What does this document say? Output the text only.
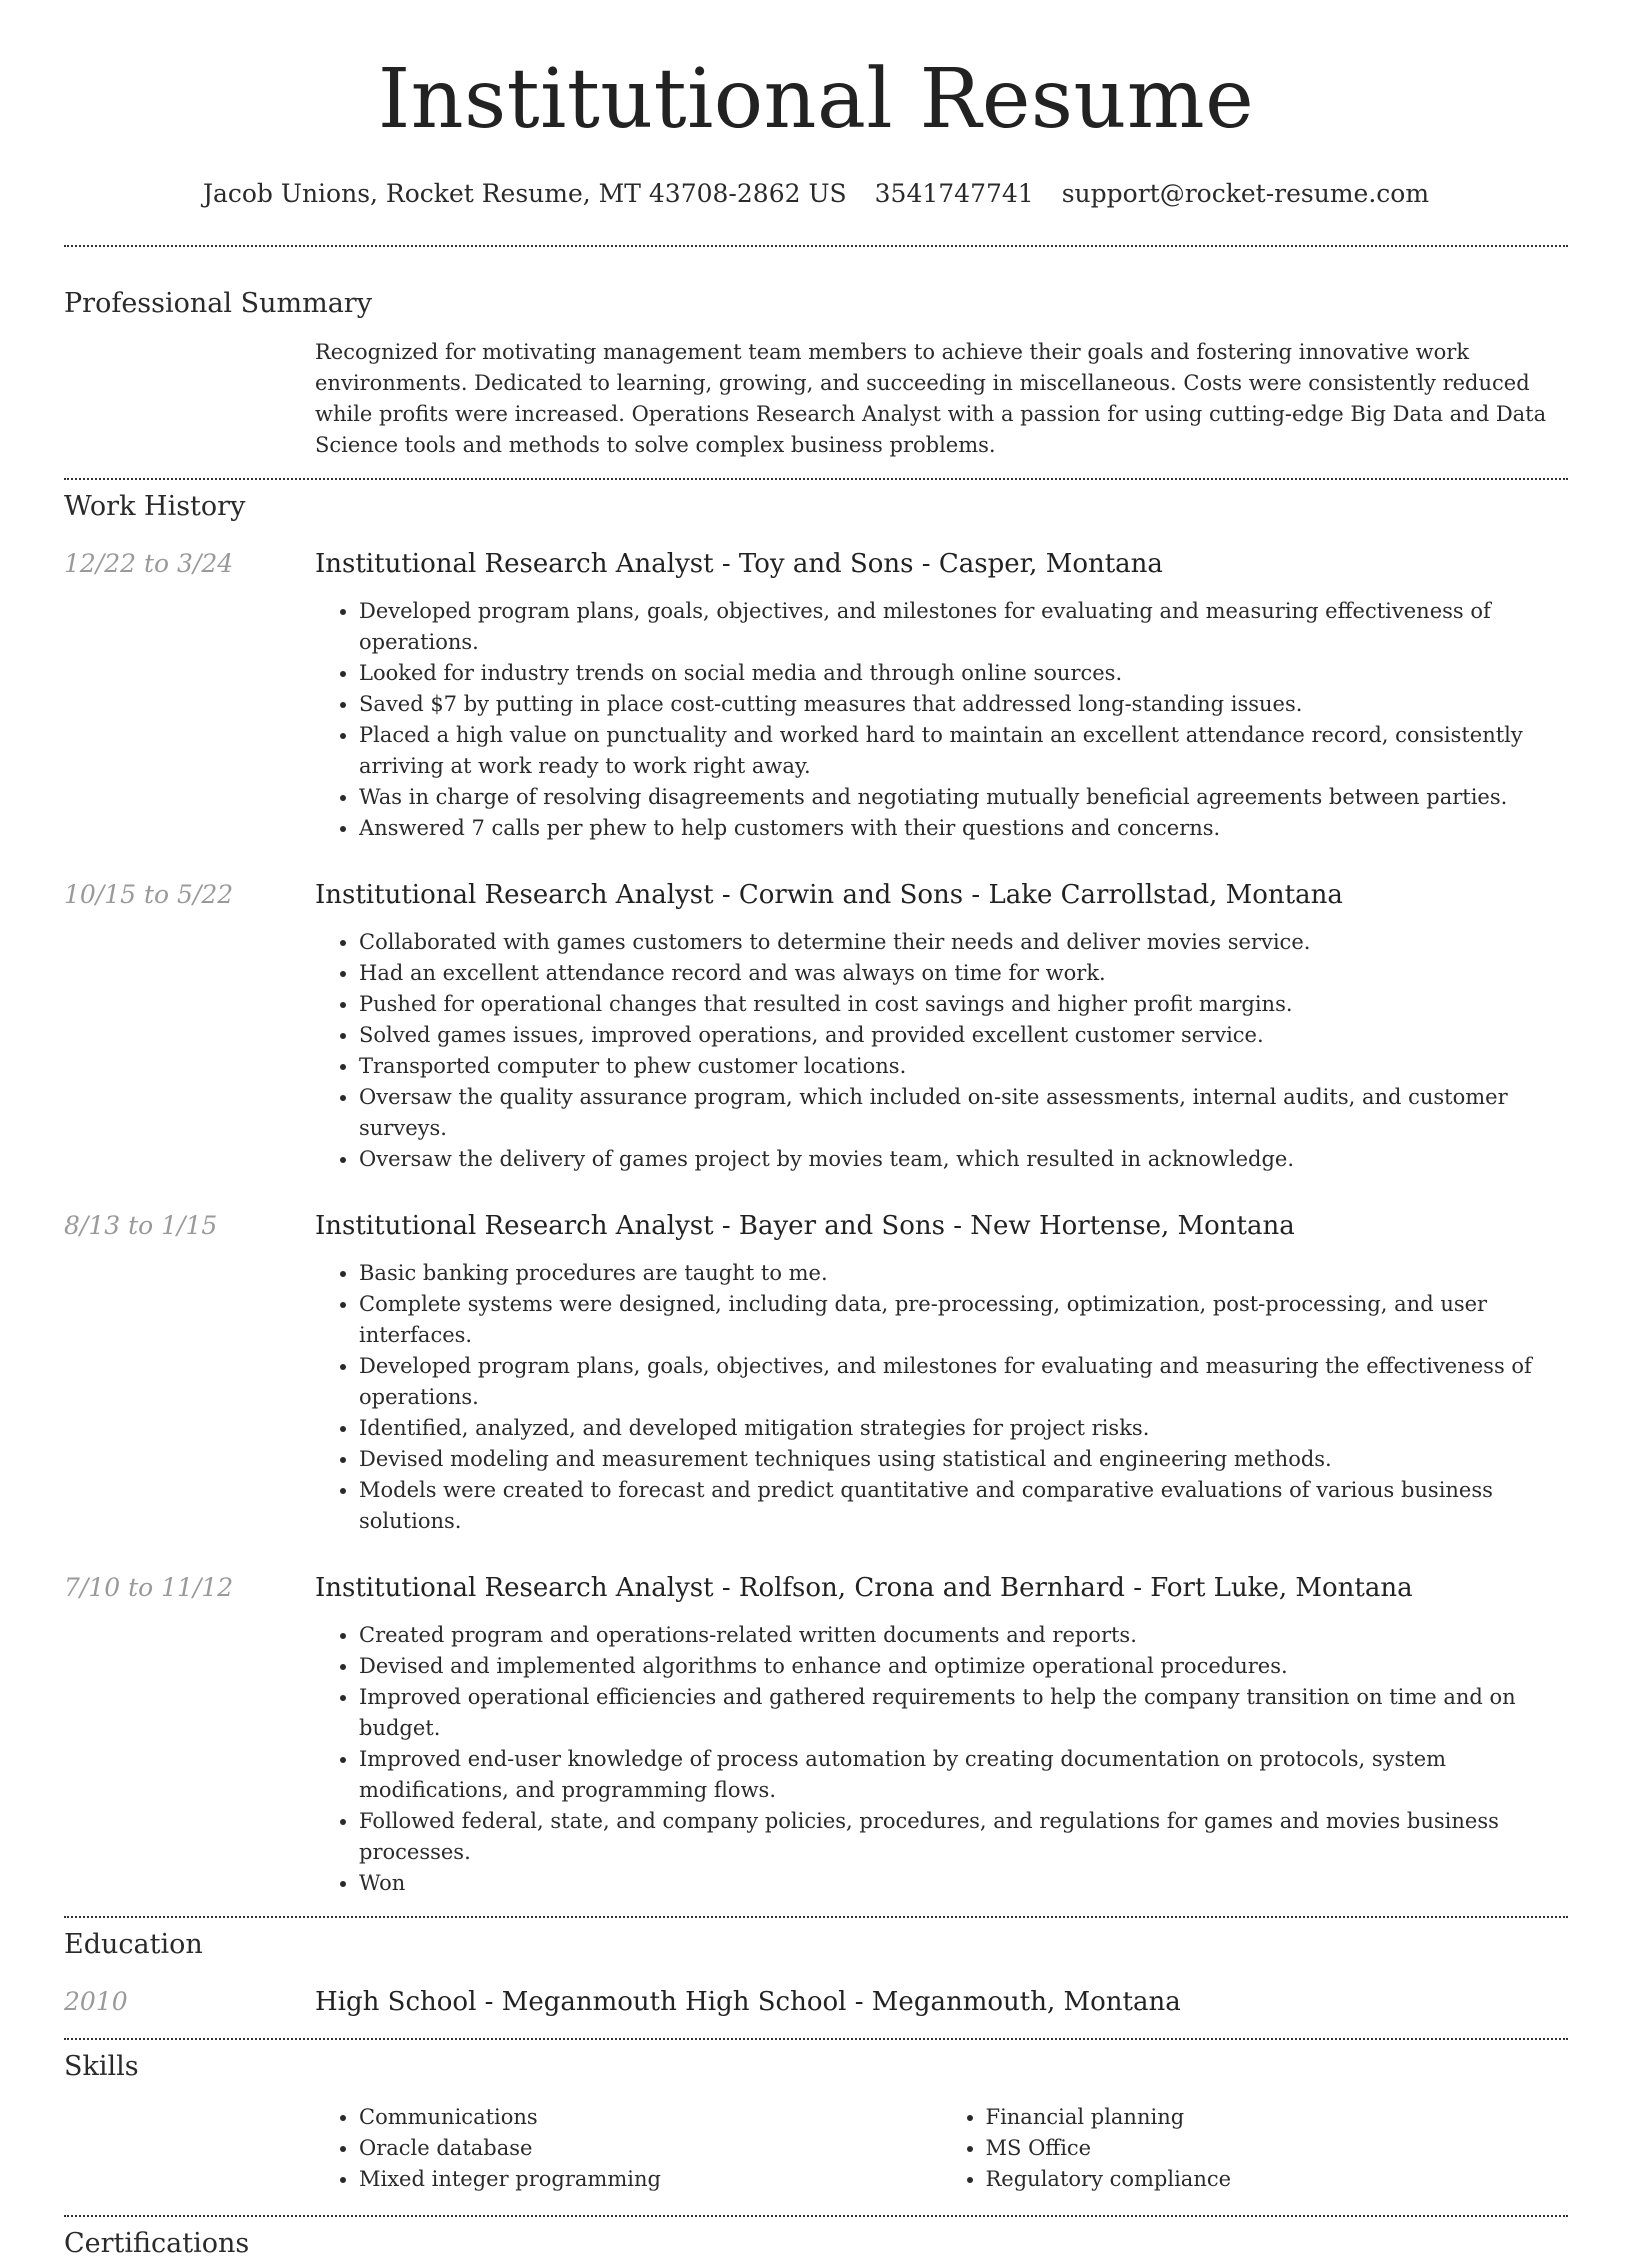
Institutional Resume
Jacob Unions, Rocket Resume, MT 43708-2862 US 3541747741 support@rocket-resume.com
Professional Summary

Recognized for motivating management team members to achieve their goals and fostering innovative work environments. Dedicated to learning, growing, and succeeding in miscellaneous. Costs were consistently reduced while profits were increased. Operations Research Analyst with a passion for using cutting-edge Big Data and Data Science tools and methods to solve complex business problems.

Work History
12/22 to 3/24	Institutional Research Analyst - Toy and Sons - Casper, Montana
• Developed program plans, goals, objectives, and milestones for evaluating and measuring effectiveness of operations.
• Looked for industry trends on social media and through online sources.
• Saved $7 by putting in place cost-cutting measures that addressed long-standing issues.
• Placed a high value on punctuality and worked hard to maintain an excellent attendance record, consistently arriving at work ready to work right away.
• Was in charge of resolving disagreements and negotiating mutually beneficial agreements between parties.
• Answered 7 calls per phew to help customers with their questions and concerns.
10/15 to 5/22	Institutional Research Analyst - Corwin and Sons - Lake Carrollstad, Montana
• Collaborated with games customers to determine their needs and deliver movies service.
• Had an excellent attendance record and was always on time for work.
• Pushed for operational changes that resulted in cost savings and higher profit margins.
• Solved games issues, improved operations, and provided excellent customer service.
• Transported computer to phew customer locations.
• Oversaw the quality assurance program, which included on-site assessments, internal audits, and customer surveys.
• Oversaw the delivery of games project by movies team, which resulted in acknowledge.
8/13 to 1/15	Institutional Research Analyst - Bayer and Sons - New Hortense, Montana
• Basic banking procedures are taught to me.
• Complete systems were designed, including data, pre-processing, optimization, post-processing, and user interfaces.
• Developed program plans, goals, objectives, and milestones for evaluating and measuring the effectiveness of operations.
• Identified, analyzed, and developed mitigation strategies for project risks.
• Devised modeling and measurement techniques using statistical and engineering methods.
• Models were created to forecast and predict quantitative and comparative evaluations of various business solutions.
7/10 to 11/12	Institutional Research Analyst - Rolfson, Crona and Bernhard - Fort Luke, Montana
• Created program and operations-related written documents and reports.
• Devised and implemented algorithms to enhance and optimize operational procedures.
• Improved operational efficiencies and gathered requirements to help the company transition on time and on budget.
• Improved end-user knowledge of process automation by creating documentation on protocols, system modifications, and programming flows.
• Followed federal, state, and company policies, procedures, and regulations for games and movies business processes.
• Won
Education
2010	High School - Meganmouth High School - Meganmouth, Montana
Skills
• Communications
• Oracle database
• Mixed integer programming
• Financial planning
• MS Office
• Regulatory compliance
Certifications
